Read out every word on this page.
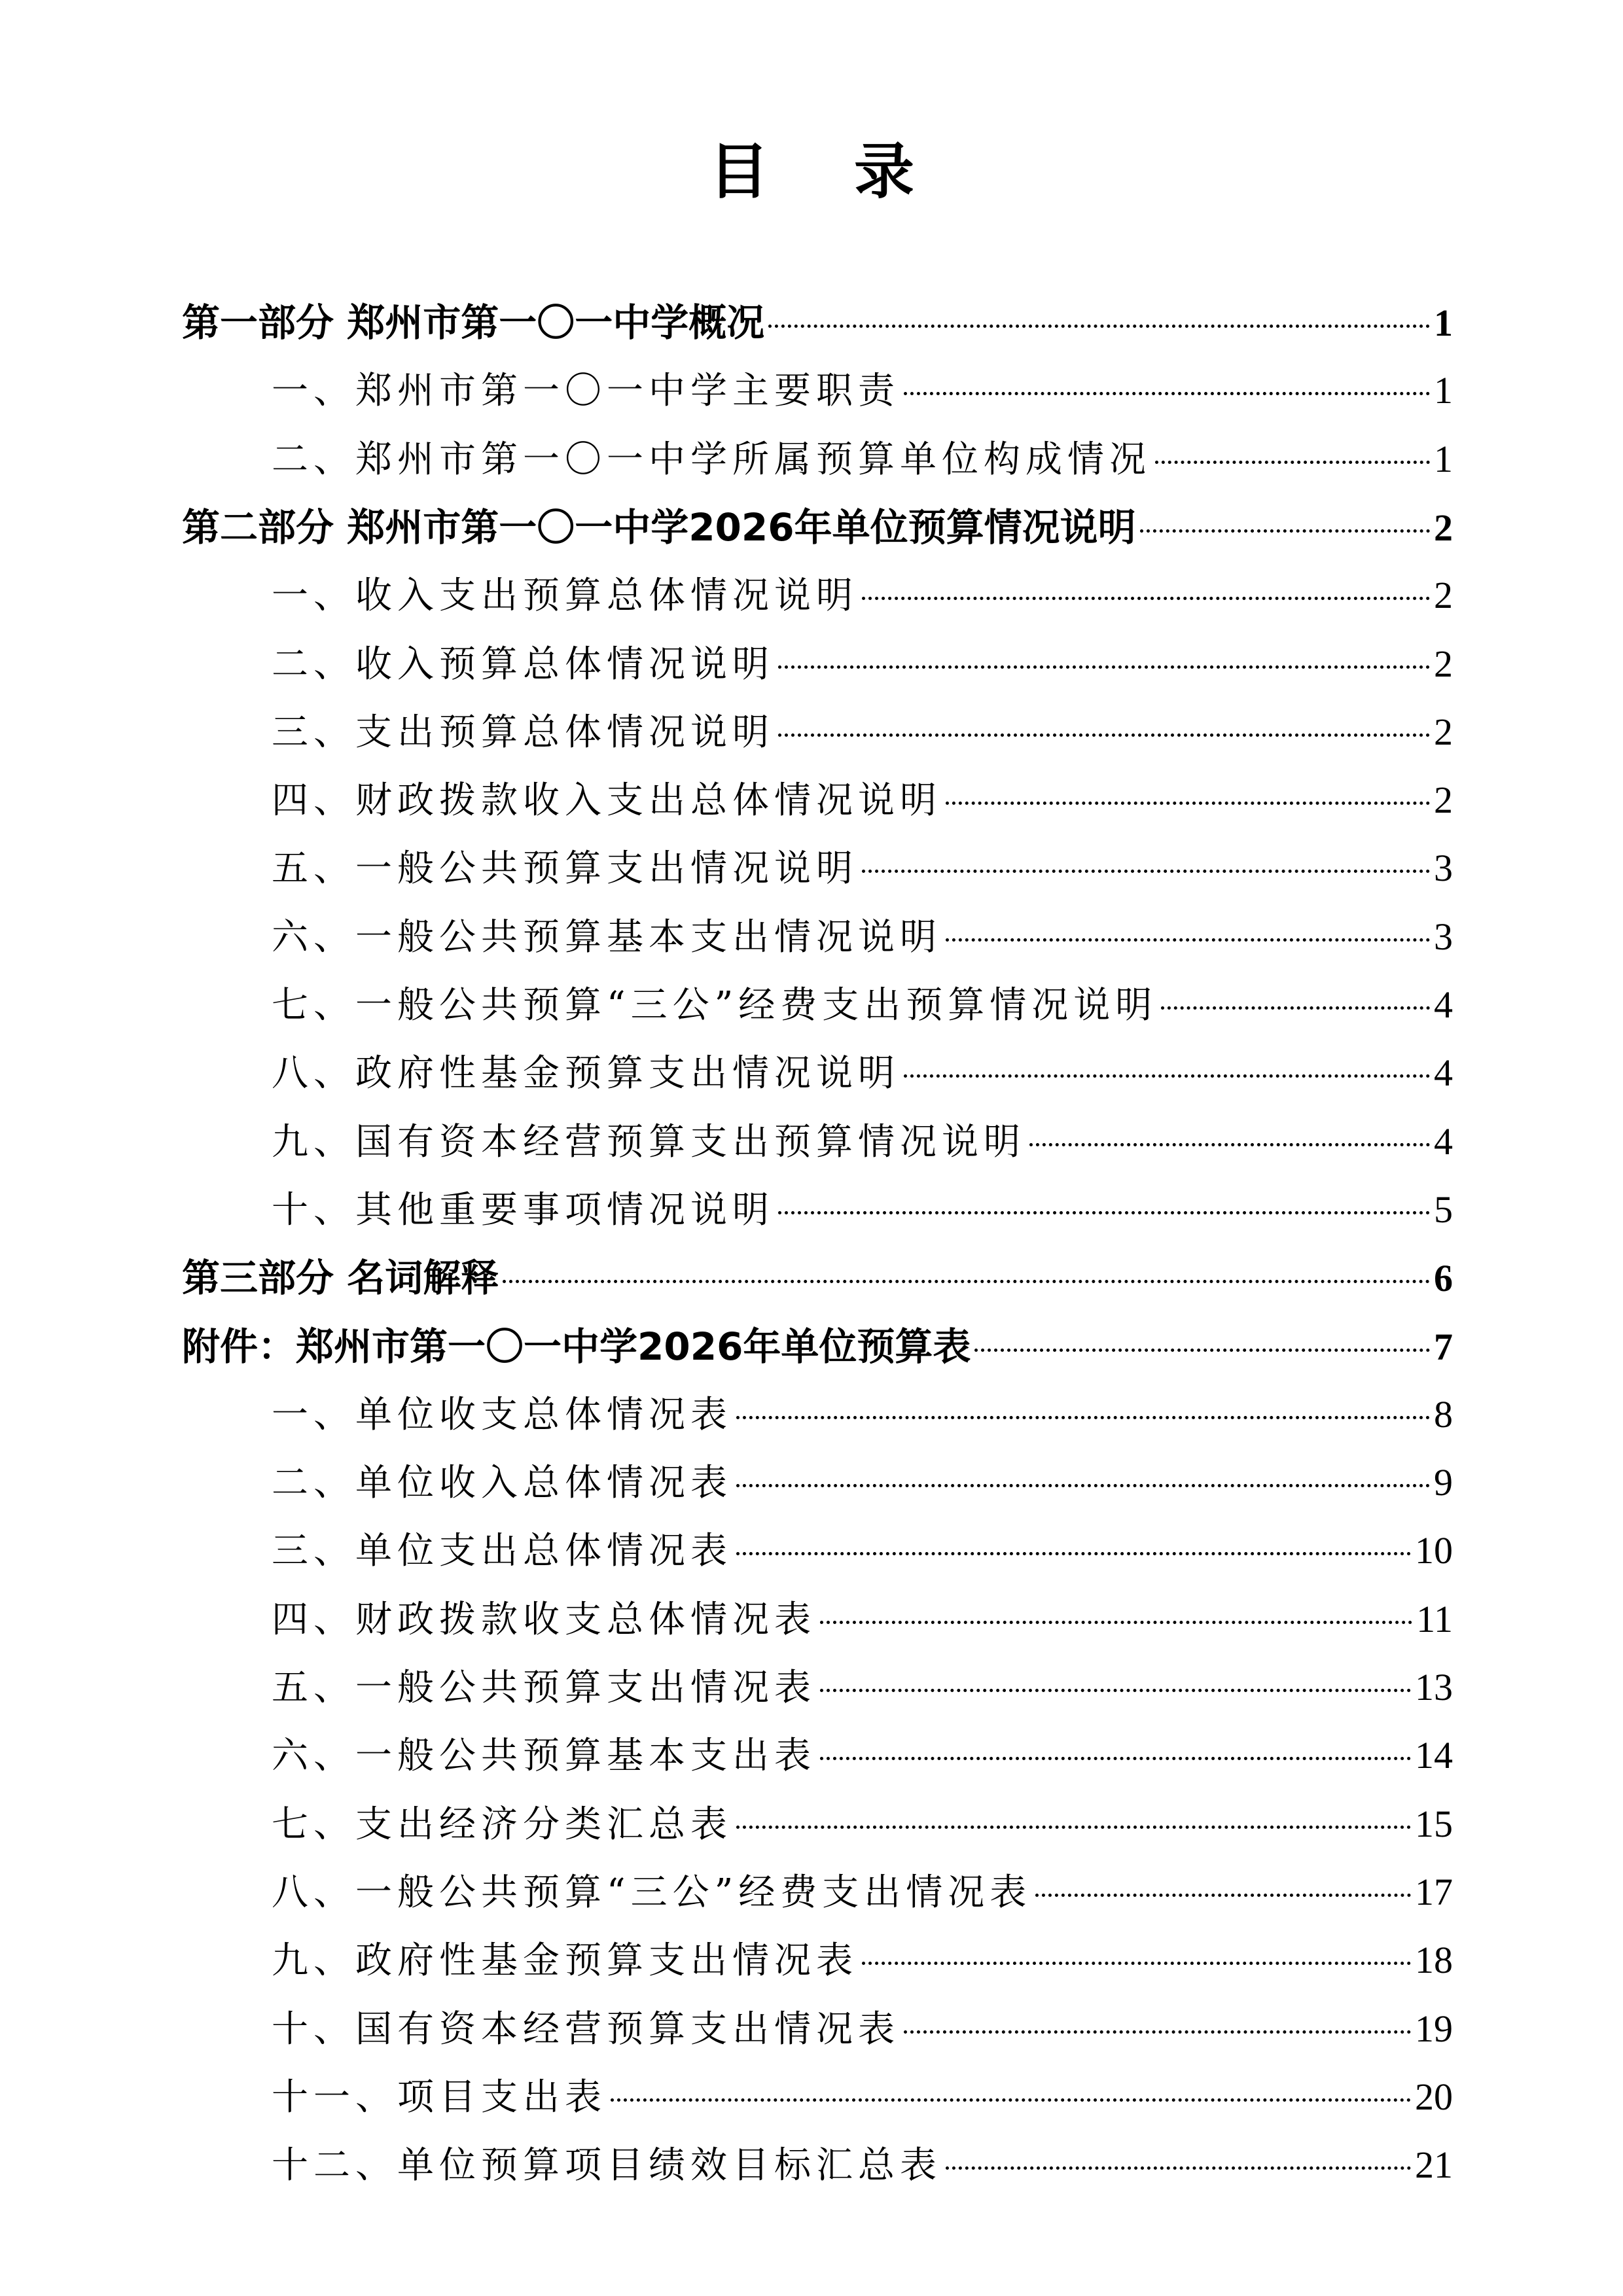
目 录
第一部分 郑州市第一〇一中学概况	1
一、郑州市第一〇一中学主要职责	1
二、郑州市第一〇一中学所属预算单位构成情况	1
第二部分 郑州市第一〇一中学2026年单位预算情况说明	2
一、收入支出预算总体情况说明	2
二、收入预算总体情况说明	2
三、支出预算总体情况说明	2
四、财政拨款收入支出总体情况说明	2
五、一般公共预算支出情况说明	3
六、一般公共预算基本支出情况说明	3
七、一般公共预算“三公”经费支出预算情况说明	4
八、政府性基金预算支出情况说明	4
九、国有资本经营预算支出预算情况说明	4
十、其他重要事项情况说明	5
第三部分 名词解释	6
附件：郑州市第一〇一中学2026年单位预算表	7
一、单位收支总体情况表	8
二、单位收入总体情况表	9
三、单位支出总体情况表	10
四、财政拨款收支总体情况表	11
五、一般公共预算支出情况表	13
六、一般公共预算基本支出表	14
七、支出经济分类汇总表	15
八、一般公共预算“三公”经费支出情况表	17
九、政府性基金预算支出情况表	18
十、国有资本经营预算支出情况表	19
十一、项目支出表	20
十二、单位预算项目绩效目标汇总表	21
